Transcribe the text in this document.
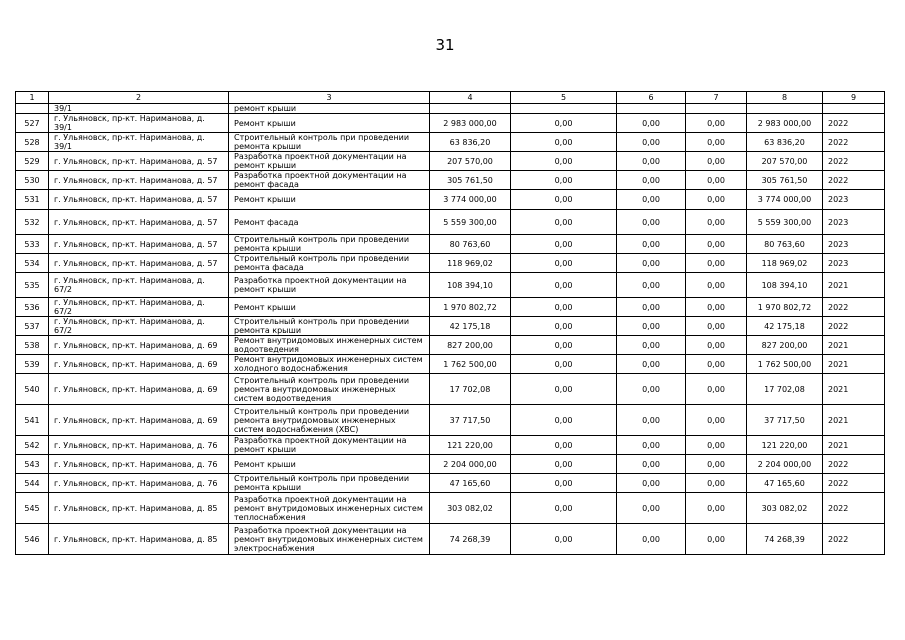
31
1	2	3	4	5	6	7	8	9
	39/1	ремонт крыши						
527	г. Ульяновск, пр-кт. Нариманова, д. 39/1	Ремонт крыши	2 983 000,00	0,00	0,00	0,00	2 983 000,00	2022
528	г. Ульяновск, пр-кт. Нариманова, д. 39/1	Строительный контроль при проведении ремонта крыши	63 836,20	0,00	0,00	0,00	63 836,20	2022
529	г. Ульяновск, пр-кт. Нариманова, д. 57	Разработка проектной документации на ремонт крыши	207 570,00	0,00	0,00	0,00	207 570,00	2022
530	г. Ульяновск, пр-кт. Нариманова, д. 57	Разработка проектной документации на ремонт фасада	305 761,50	0,00	0,00	0,00	305 761,50	2022
531	г. Ульяновск, пр-кт. Нариманова, д. 57	Ремонт крыши	3 774 000,00	0,00	0,00	0,00	3 774 000,00	2023
532	г. Ульяновск, пр-кт. Нариманова, д. 57	Ремонт фасада	5 559 300,00	0,00	0,00	0,00	5 559 300,00	2023
533	г. Ульяновск, пр-кт. Нариманова, д. 57	Строительный контроль при проведении ремонта крыши	80 763,60	0,00	0,00	0,00	80 763,60	2023
534	г. Ульяновск, пр-кт. Нариманова, д. 57	Строительный контроль при проведении ремонта фасада	118 969,02	0,00	0,00	0,00	118 969,02	2023
535	г. Ульяновск, пр-кт. Нариманова, д. 67/2	Разработка проектной документации на ремонт крыши	108 394,10	0,00	0,00	0,00	108 394,10	2021
536	г. Ульяновск, пр-кт. Нариманова, д. 67/2	Ремонт крыши	1 970 802,72	0,00	0,00	0,00	1 970 802,72	2022
537	г. Ульяновск, пр-кт. Нариманова, д. 67/2	Строительный контроль при проведении ремонта крыши	42 175,18	0,00	0,00	0,00	42 175,18	2022
538	г. Ульяновск, пр-кт. Нариманова, д. 69	Ремонт внутридомовых инженерных систем водоотведения	827 200,00	0,00	0,00	0,00	827 200,00	2021
539	г. Ульяновск, пр-кт. Нариманова, д. 69	Ремонт внутридомовых инженерных систем холодного водоснабжения	1 762 500,00	0,00	0,00	0,00	1 762 500,00	2021
540	г. Ульяновск, пр-кт. Нариманова, д. 69	Строительный контроль при проведении ремонта внутридомовых инженерных систем водоотведения	17 702,08	0,00	0,00	0,00	17 702,08	2021
541	г. Ульяновск, пр-кт. Нариманова, д. 69	Строительный контроль при проведении ремонта внутридомовых инженерных систем водоснабжения (ХВС)	37 717,50	0,00	0,00	0,00	37 717,50	2021
542	г. Ульяновск, пр-кт. Нариманова, д. 76	Разработка проектной документации на ремонт крыши	121 220,00	0,00	0,00	0,00	121 220,00	2021
543	г. Ульяновск, пр-кт. Нариманова, д. 76	Ремонт крыши	2 204 000,00	0,00	0,00	0,00	2 204 000,00	2022
544	г. Ульяновск, пр-кт. Нариманова, д. 76	Строительный контроль при проведении ремонта крыши	47 165,60	0,00	0,00	0,00	47 165,60	2022
545	г. Ульяновск, пр-кт. Нариманова, д. 85	Разработка проектной документации на ремонт внутридомовых инженерных систем теплоснабжения	303 082,02	0,00	0,00	0,00	303 082,02	2022
546	г. Ульяновск, пр-кт. Нариманова, д. 85	Разработка проектной документации на ремонт внутридомовых инженерных систем электроснабжения	74 268,39	0,00	0,00	0,00	74 268,39	2022
